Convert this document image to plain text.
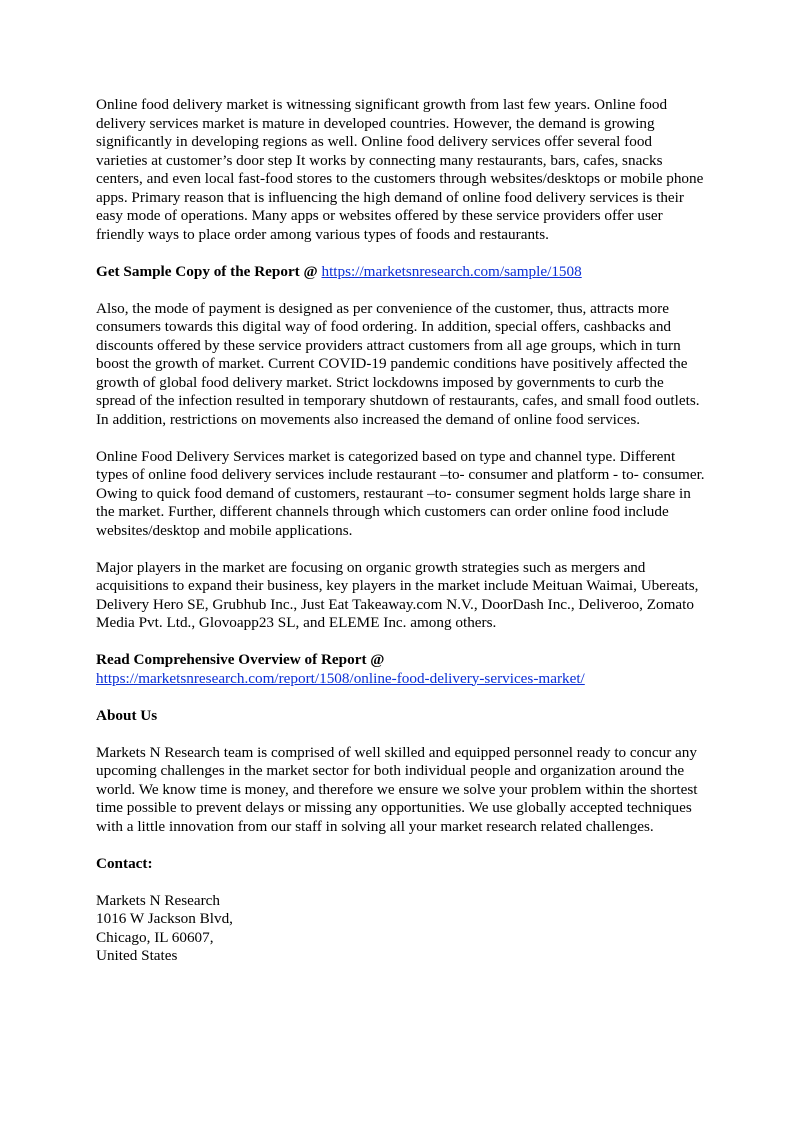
Online food delivery market is witnessing significant growth from last few years. Online food delivery services market is mature in developed countries. However, the demand is growing significantly in developing regions as well. Online food delivery services offer several food varieties at customer’s door step It works by connecting many restaurants, bars, cafes, snacks centers, and even local fast-food stores to the customers through websites/desktops or mobile phone apps. Primary reason that is influencing the high demand of online food delivery services is their easy mode of operations. Many apps or websites offered by these service providers offer user friendly ways to place order among various types of foods and restaurants.

Get Sample Copy of the Report @ https://marketsnresearch.com/sample/1508

Also, the mode of payment is designed as per convenience of the customer, thus, attracts more consumers towards this digital way of food ordering. In addition, special offers, cashbacks and discounts offered by these service providers attract customers from all age groups, which in turn boost the growth of market. Current COVID-19 pandemic conditions have positively affected the growth of global food delivery market. Strict lockdowns imposed by governments to curb the spread of the infection resulted in temporary shutdown of restaurants, cafes, and small food outlets. In addition, restrictions on movements also increased the demand of online food services.

Online Food Delivery Services market is categorized based on type and channel type. Different types of online food delivery services include restaurant –to- consumer and platform - to- consumer. Owing to quick food demand of customers, restaurant –to- consumer segment holds large share in the market. Further, different channels through which customers can order online food include websites/desktop and mobile applications.

Major players in the market are focusing on organic growth strategies such as mergers and acquisitions to expand their business, key players in the market include Meituan Waimai, Ubereats, Delivery Hero SE, Grubhub Inc., Just Eat Takeaway.com N.V., DoorDash Inc., Deliveroo, Zomato Media Pvt. Ltd., Glovoapp23 SL, and ELEME Inc. among others.

Read Comprehensive Overview of Report @
https://marketsnresearch.com/report/1508/online-food-delivery-services-market/

About Us

Markets N Research team is comprised of well skilled and equipped personnel ready to concur any upcoming challenges in the market sector for both individual people and organization around the world. We know time is money, and therefore we ensure we solve your problem within the shortest time possible to prevent delays or missing any opportunities. We use globally accepted techniques with a little innovation from our staff in solving all your market research related challenges.

Contact:

Markets N Research
1016 W Jackson Blvd,
Chicago, IL 60607,
United States
